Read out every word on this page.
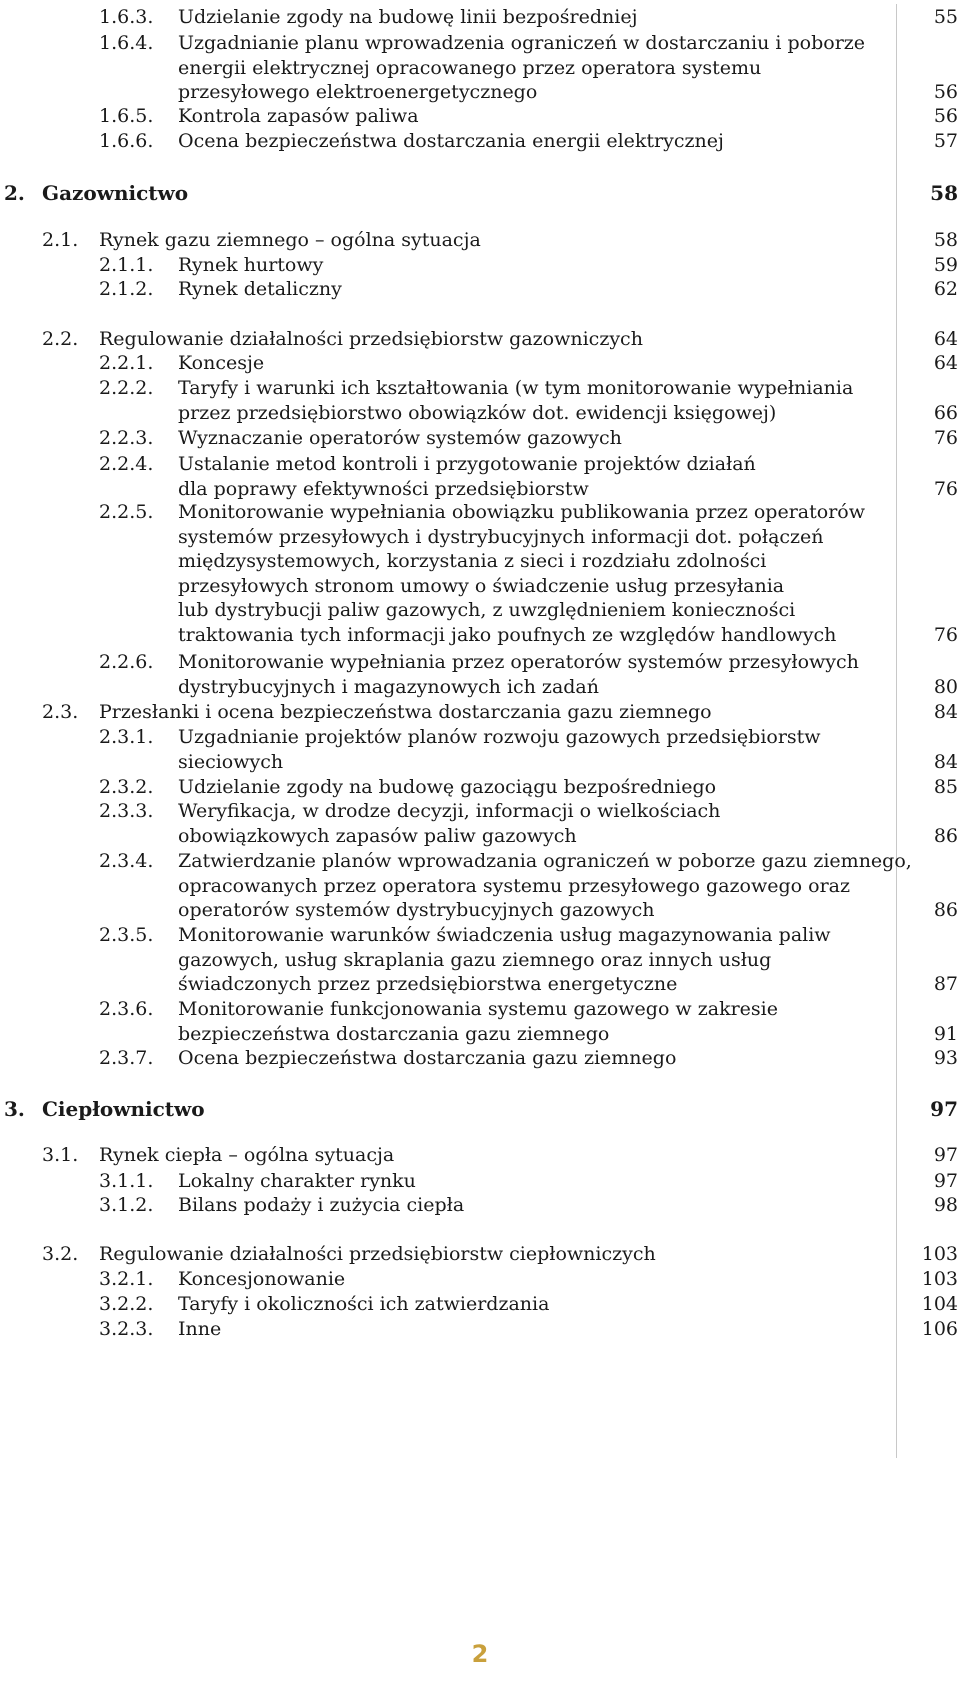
1.6.3. Udzielanie zgody na budowę linii bezpośredniej	55
1.6.4. Uzgadnianie planu wprowadzenia ograniczeń w dostarczaniu i poborze
energii elektrycznej opracowanego przez operatora systemu
przesyłowego elektroenergetycznego	56
1.6.5. Kontrola zapasów paliwa	56
1.6.6. Ocena bezpieczeństwa dostarczania energii elektrycznej	57
2. Gazownictwo	58
2.1. Rynek gazu ziemnego – ogólna sytuacja	58
2.1.1. Rynek hurtowy	59
2.1.2. Rynek detaliczny	62
2.2. Regulowanie działalności przedsiębiorstw gazowniczych	64
2.2.1. Koncesje	64
2.2.2. Taryfy i warunki ich kształtowania (w tym monitorowanie wypełniania
przez przedsiębiorstwo obowiązków dot. ewidencji księgowej)	66
2.2.3. Wyznaczanie operatorów systemów gazowych	76
2.2.4. Ustalanie metod kontroli i przygotowanie projektów działań
dla poprawy efektywności przedsiębiorstw	76
2.2.5. Monitorowanie wypełniania obowiązku publikowania przez operatorów
systemów przesyłowych i dystrybucyjnych informacji dot. połączeń
międzysystemowych, korzystania z sieci i rozdziału zdolności
przesyłowych stronom umowy o świadczenie usług przesyłania
lub dystrybucji paliw gazowych, z uwzględnieniem konieczności
traktowania tych informacji jako poufnych ze względów handlowych	76
2.2.6. Monitorowanie wypełniania przez operatorów systemów przesyłowych
dystrybucyjnych i magazynowych ich zadań	80
2.3. Przesłanki i ocena bezpieczeństwa dostarczania gazu ziemnego	84
2.3.1. Uzgadnianie projektów planów rozwoju gazowych przedsiębiorstw
sieciowych	84
2.3.2. Udzielanie zgody na budowę gazociągu bezpośredniego	85
2.3.3. Weryfikacja, w drodze decyzji, informacji o wielkościach
obowiązkowych zapasów paliw gazowych	86
2.3.4. Zatwierdzanie planów wprowadzania ograniczeń w poborze gazu ziemnego,
opracowanych przez operatora systemu przesyłowego gazowego oraz
operatorów systemów dystrybucyjnych gazowych	86
2.3.5. Monitorowanie warunków świadczenia usług magazynowania paliw
gazowych, usług skraplania gazu ziemnego oraz innych usług
świadczonych przez przedsiębiorstwa energetyczne	87
2.3.6. Monitorowanie funkcjonowania systemu gazowego w zakresie
bezpieczeństwa dostarczania gazu ziemnego	91
2.3.7. Ocena bezpieczeństwa dostarczania gazu ziemnego	93
3. Ciepłownictwo	97
3.1. Rynek ciepła – ogólna sytuacja	97
3.1.1. Lokalny charakter rynku	97
3.1.2. Bilans podaży i zużycia ciepła	98
3.2. Regulowanie działalności przedsiębiorstw ciepłowniczych	103
3.2.1. Koncesjonowanie	103
3.2.2. Taryfy i okoliczności ich zatwierdzania	104
3.2.3. Inne	106
2
